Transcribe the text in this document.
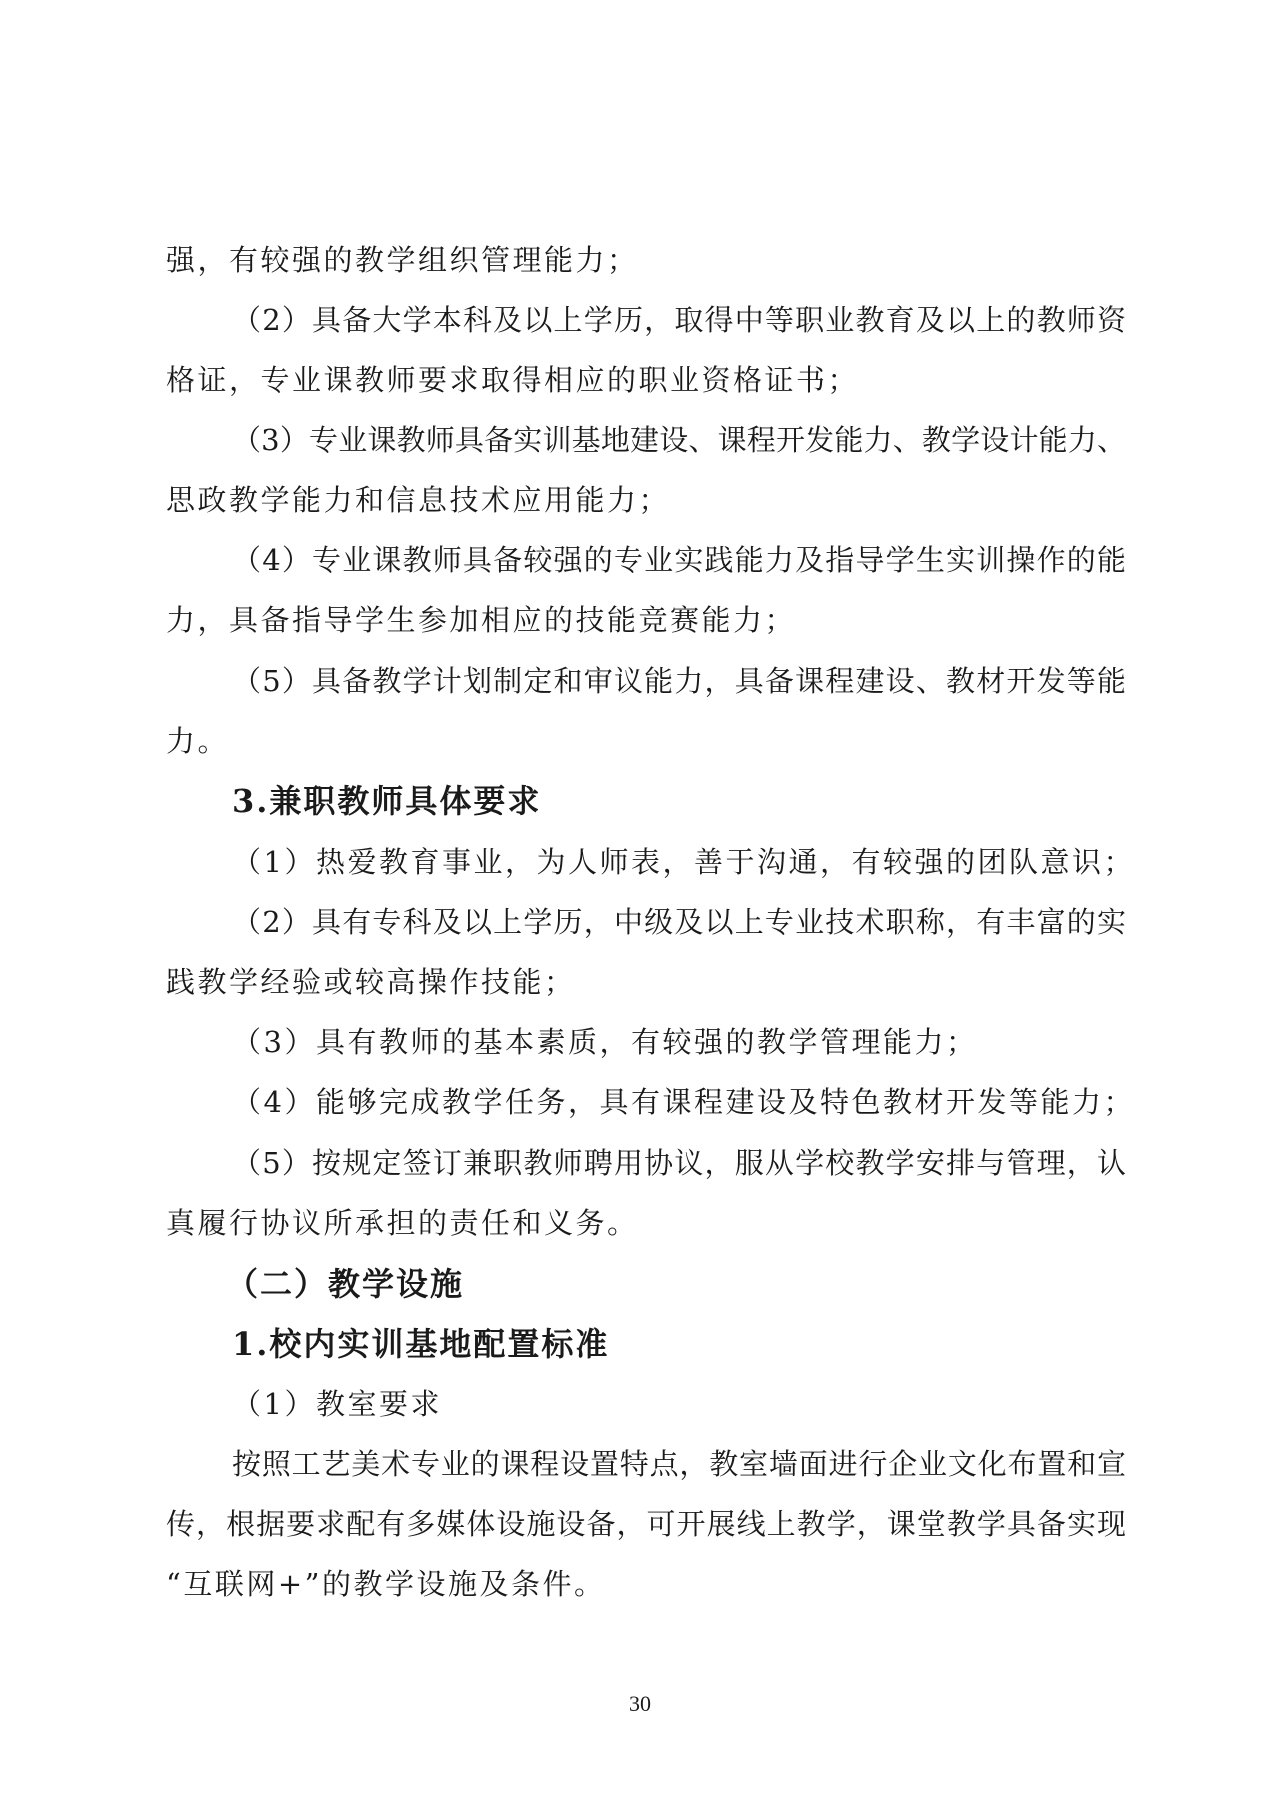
强，有较强的教学组织管理能力；
（2）具备大学本科及以上学历，取得中等职业教育及以上的教师资
格证，专业课教师要求取得相应的职业资格证书；
（3）专业课教师具备实训基地建设、课程开发能力、教学设计能力、
思政教学能力和信息技术应用能力；
（4）专业课教师具备较强的专业实践能力及指导学生实训操作的能
力，具备指导学生参加相应的技能竞赛能力；
（5）具备教学计划制定和审议能力，具备课程建设、教材开发等能
力。
3.兼职教师具体要求
（1）热爱教育事业，为人师表，善于沟通，有较强的团队意识；
（2）具有专科及以上学历，中级及以上专业技术职称，有丰富的实
践教学经验或较高操作技能；
（3）具有教师的基本素质，有较强的教学管理能力；
（4）能够完成教学任务，具有课程建设及特色教材开发等能力；
（5）按规定签订兼职教师聘用协议，服从学校教学安排与管理，认
真履行协议所承担的责任和义务。
（二）教学设施
1.校内实训基地配置标准
（1）教室要求
按照工艺美术专业的课程设置特点，教室墙面进行企业文化布置和宣
传，根据要求配有多媒体设施设备，可开展线上教学，课堂教学具备实现
“互联网+”的教学设施及条件。
30
